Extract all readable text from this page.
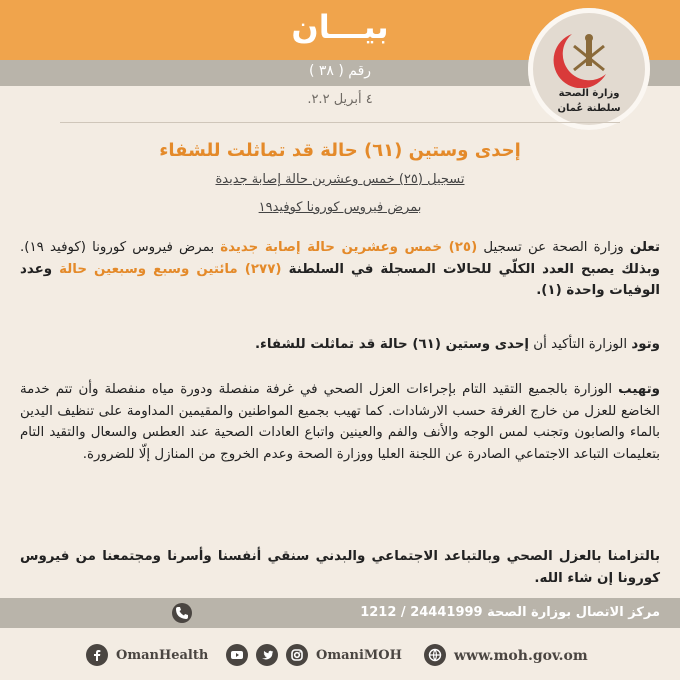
بيـــان
رقم ( ٣٨ )
٤ أبريل ٢.٢.	وزارة الصحة
سلطنة عُمان
إحدى وستين (٦١) حالة قد تماثلت للشفاء
تسجيل (٢٥) خمس وعشرين حالة إصابة جديدة
بمرض فيروس كورونا كوفيد١٩
تعلن وزارة الصحة عن تسجيل (٢٥) خمس وعشرين حالة إصابة جديدة بمرض فيروس كورونا (كوفيد ١٩). وبذلك يصبح العدد الكلّي للحالات المسجلة في السلطنة (٢٧٧) مائتين وسبع وسبعين حالة وعدد الوفيات واحدة (١).
وتود الوزارة التأكيد أن إحدى وستين (٦١) حالة قد تماثلت للشفاء.
وتهيب الوزارة بالجميع التقيد التام بإجراءات العزل الصحي في غرفة منفصلة ودورة مياه منفصلة وأن تتم خدمة الخاضع للعزل من خارج الغرفة حسب الارشادات. كما تهيب بجميع المواطنين والمقيمين المداومة على تنظيف اليدين بالماء والصابون وتجنب لمس الوجه والأنف والفم والعينين واتباع العادات الصحية عند العطس والسعال والتقيد التام بتعليمات التباعد الاجتماعي الصادرة عن اللجنة العليا ووزارة الصحة وعدم الخروج من المنازل إلّا للضرورة.
بالتزامنا بالعزل الصحي وبالتباعد الاجتماعي والبدني سنقي أنفسنا وأسرنا ومجتمعنا من فيروس كورونا إن شاء الله.
مركز الاتصال بوزارة الصحة 24441999 / 1212
OmanHealth	OmaniMOH	www.moh.gov.om
